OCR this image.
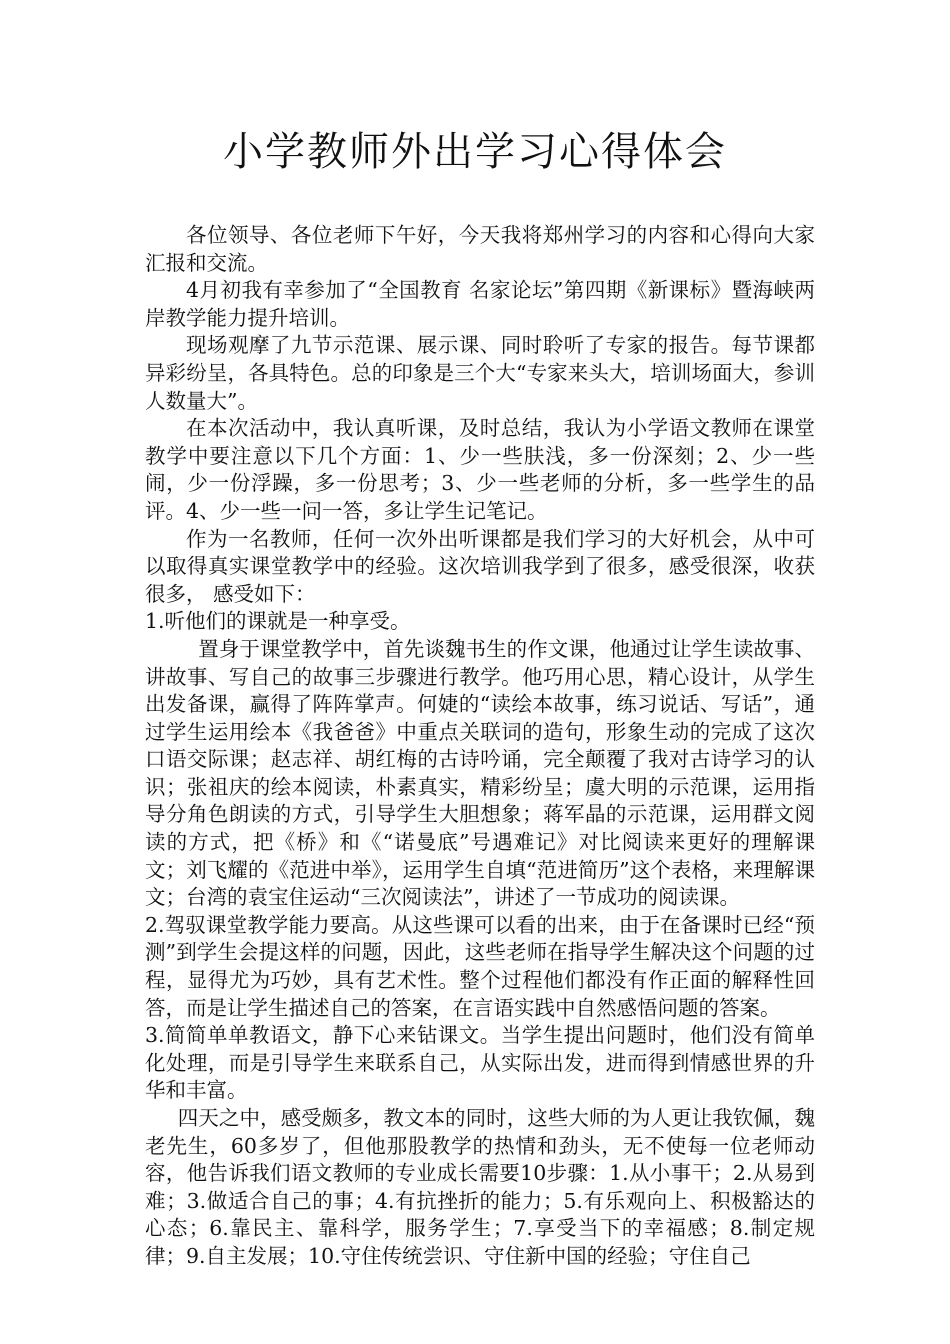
小学教师外出学习心得体会

各位领导、各位老师下午好，今天我将郑州学习的内容和心得向大家汇报和交流。

4月初我有幸参加了“全国教育 名家论坛”第四期《新课标》暨海峡两岸教学能力提升培训。

现场观摩了九节示范课、展示课、同时聆听了专家的报告。每节课都异彩纷呈，各具特色。总的印象是三个大“专家来头大，培训场面大，参训人数量大”。

在本次活动中，我认真听课，及时总结，我认为小学语文教师在课堂教学中要注意以下几个方面：1、少一些肤浅，多一份深刻；2、少一些闹，少一份浮躁，多一份思考；3、少一些老师的分析，多一些学生的品评。4、少一些一问一答，多让学生记笔记。

作为一名教师，任何一次外出听课都是我们学习的大好机会，从中可以取得真实课堂教学中的经验。这次培训我学到了很多，感受很深，收获很多， 感受如下：

1.听他们的课就是一种享受。

置身于课堂教学中，首先谈魏书生的作文课，他通过让学生读故事、讲故事、写自己的故事三步骤进行教学。他巧用心思，精心设计，从学生出发备课，赢得了阵阵掌声。何婕的“读绘本故事，练习说话、写话”，通过学生运用绘本《我爸爸》中重点关联词的造句，形象生动的完成了这次口语交际课；赵志祥、胡红梅的古诗吟诵，完全颠覆了我对古诗学习的认识；张祖庆的绘本阅读，朴素真实，精彩纷呈；虞大明的示范课，运用指导分角色朗读的方式，引导学生大胆想象；蒋军晶的示范课，运用群文阅读的方式，把《桥》和《“诺曼底”号遇难记》对比阅读来更好的理解课文；刘飞耀的《范进中举》，运用学生自填“范进简历”这个表格，来理解课文；台湾的袁宝住运动“三次阅读法”，讲述了一节成功的阅读课。

2.驾驭课堂教学能力要高。从这些课可以看的出来，由于在备课时已经“预测”到学生会提这样的问题，因此，这些老师在指导学生解决这个问题的过程，显得尤为巧妙，具有艺术性。整个过程他们都没有作正面的解释性回答，而是让学生描述自己的答案，在言语实践中自然感悟问题的答案。

3.简简单单教语文，静下心来钻课文。当学生提出问题时，他们没有简单化处理，而是引导学生来联系自己，从实际出发，进而得到情感世界的升华和丰富。

四天之中，感受颇多，教文本的同时，这些大师的为人更让我钦佩，魏老先生，60多岁了，但他那股教学的热情和劲头，无不使每一位老师动容，他告诉我们语文教师的专业成长需要10步骤：1.从小事干；2.从易到难；3.做适合自己的事；4.有抗挫折的能力；5.有乐观向上、积极豁达的心态；6.靠民主、靠科学，服务学生；7.享受当下的幸福感；8.制定规律；9.自主发展；10.守住传统尝识、守住新中国的经验；守住自己
